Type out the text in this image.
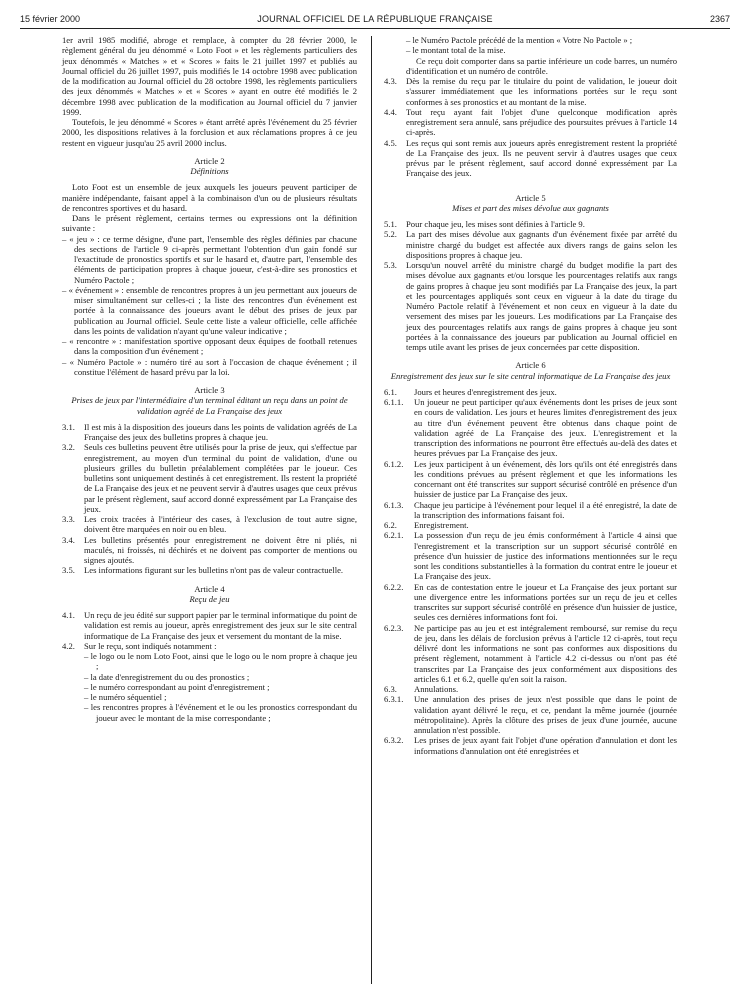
15 février 2000	JOURNAL OFFICIEL DE LA RÉPUBLIQUE FRANÇAISE	2367

1er avril 1985 modifié, abroge et remplace, à compter du 28 février 2000, le règlement général du jeu dénommé « Loto Foot » et les règlements particuliers des jeux dénommés « Matches » et « Scores » faits le 21 juillet 1997 et publiés au Journal officiel du 26 juillet 1997, puis modifiés le 14 octobre 1998 avec publication de la modification au Journal officiel du 28 octobre 1998, les règlements particuliers des jeux dénommés « Matches » et « Scores » ayant en outre été modifiés le 2 décembre 1998 avec publication de la modification au Journal officiel du 7 janvier 1999.

Toutefois, le jeu dénommé « Scores » étant arrêté après l'événement du 25 février 2000, les dispositions relatives à la forclusion et aux réclamations propres à ce jeu restent en vigueur jusqu'au 25 avril 2000 inclus.

Article 2

Définitions

Loto Foot est un ensemble de jeux auxquels les joueurs peuvent participer de manière indépendante, faisant appel à la combinaison d'un ou de plusieurs résultats de rencontres sportives et du hasard.

Dans le présent règlement, certains termes ou expressions ont la définition suivante :

– « jeu » : ce terme désigne, d'une part, l'ensemble des règles définies par chacune des sections de l'article 9 ci-après permettant l'obtention d'un gain fondé sur l'exactitude de pronostics sportifs et sur le hasard et, d'autre part, l'ensemble des éléments de participation propres à chaque joueur, c'est-à-dire ses pronostics et Numéro Pactole ;

– « événement » : ensemble de rencontres propres à un jeu permettant aux joueurs de miser simultanément sur celles-ci ; la liste des rencontres d'un événement est portée à la connaissance des joueurs avant le début des prises de jeux par publication au Journal officiel. Seule cette liste a valeur officielle, celle affichée dans les points de validation n'ayant qu'une valeur indicative ;

– « rencontre » : manifestation sportive opposant deux équipes de football retenues dans la composition d'un événement ;

– « Numéro Pactole » : numéro tiré au sort à l'occasion de chaque événement ; il constitue l'élément de hasard prévu par la loi.

Article 3

Prises de jeux par l'intermédiaire d'un terminal éditant un reçu dans un point de validation agréé de La Française des jeux

3.1.	Il est mis à la disposition des joueurs dans les points de validation agréés de La Française des jeux des bulletins propres à chaque jeu.
3.2.	Seuls ces bulletins peuvent être utilisés pour la prise de jeux, qui s'effectue par enregistrement, au moyen d'un terminal du point de validation, d'une ou plusieurs grilles du bulletin préalablement complétées par le joueur. Ces bulletins sont uniquement destinés à cet enregistrement. Ils restent la propriété de La Française des jeux et ne peuvent servir à d'autres usages que ceux prévus par le présent règlement, sauf accord donné expressément par La Française des jeux.
3.3.	Les croix tracées à l'intérieur des cases, à l'exclusion de tout autre signe, doivent être marquées en noir ou en bleu.
3.4.	Les bulletins présentés pour enregistrement ne doivent être ni pliés, ni maculés, ni froissés, ni déchirés et ne doivent pas comporter de mentions ou signes ajoutés.
3.5.	Les informations figurant sur les bulletins n'ont pas de valeur contractuelle.

Article 4

Reçu de jeu

4.1.	Un reçu de jeu édité sur support papier par le terminal informatique du point de validation est remis au joueur, après enregistrement des jeux sur le site central informatique de La Française des jeux et versement du montant de la mise.
4.2.	Sur le reçu, sont indiqués notamment :

– le logo ou le nom Loto Foot, ainsi que le logo ou le nom propre à chaque jeu ;

– la date d'enregistrement du ou des pronostics ;

– le numéro correspondant au point d'enregistrement ;

– le numéro séquentiel ;

– les rencontres propres à l'événement et le ou les pronostics correspondant du joueur avec le montant de la mise correspondante ;

– le Numéro Pactole précédé de la mention « Votre No Pactole » ;

– le montant total de la mise.

Ce reçu doit comporter dans sa partie inférieure un code barres, un numéro d'identification et un numéro de contrôle.

4.3.	Dès la remise du reçu par le titulaire du point de validation, le joueur doit s'assurer immédiatement que les informations portées sur le reçu sont conformes à ses pronostics et au montant de la mise.
4.4.	Tout reçu ayant fait l'objet d'une quelconque modification après enregistrement sera annulé, sans préjudice des poursuites prévues à l'article 14 ci-après.
4.5.	Les reçus qui sont remis aux joueurs après enregistrement restent la propriété de La Française des jeux. Ils ne peuvent servir à d'autres usages que ceux prévus par le présent règlement, sauf accord donné expressément par La Française des jeux.

Article 5

Mises et part des mises dévolue aux gagnants

5.1.	Pour chaque jeu, les mises sont définies à l'article 9.
5.2.	La part des mises dévolue aux gagnants d'un événement fixée par arrêté du ministre chargé du budget est affectée aux divers rangs de gains selon les dispositions propres à chaque jeu.
5.3.	Lorsqu'un nouvel arrêté du ministre chargé du budget modifie la part des mises dévolue aux gagnants et/ou lorsque les pourcentages relatifs aux rangs de gains propres à chaque jeu sont modifiés par La Française des jeux, la part et les pourcentages appliqués sont ceux en vigueur à la date du tirage du Numéro Pactole relatif à l'événement et non ceux en vigueur à la date du versement des mises par les joueurs. Les modifications par La Française des jeux des pourcentages relatifs aux rangs de gains propres à chaque jeu sont portées à la connaissance des joueurs par publication au Journal officiel en temps utile avant les prises de jeux concernées par cette disposition.

Article 6

Enregistrement des jeux sur le site central informatique de La Française des jeux

6.1.	Jours et heures d'enregistrement des jeux.
6.1.1.	Un joueur ne peut participer qu'aux événements dont les prises de jeux sont en cours de validation. Les jours et heures limites d'enregistrement des jeux au titre d'un événement peuvent être obtenus dans chaque point de validation agréé de La Française des jeux. L'enregistrement et la transcription des informations ne pourront être effectués au-delà des dates et heures prévues par La Française des jeux.
6.1.2.	Les jeux participent à un événement, dès lors qu'ils ont été enregistrés dans les conditions prévues au présent règlement et que les informations les concernant ont été transcrites sur support sécurisé contrôlé en présence d'un huissier de justice par La Française des jeux.
6.1.3.	Chaque jeu participe à l'événement pour lequel il a été enregistré, la date de la transcription des informations faisant foi.
6.2.	Enregistrement.
6.2.1.	La possession d'un reçu de jeu émis conformément à l'article 4 ainsi que l'enregistrement et la transcription sur un support sécurisé contrôlé en présence d'un huissier de justice des informations mentionnées sur le reçu sont les conditions substantielles à la formation du contrat entre le joueur et La Française des jeux.
6.2.2.	En cas de contestation entre le joueur et La Française des jeux portant sur une divergence entre les informations portées sur un reçu de jeu et celles transcrites sur support sécurisé contrôlé en présence d'un huissier de justice, seules ces dernières informations font foi.
6.2.3.	Ne participe pas au jeu et est intégralement remboursé, sur remise du reçu de jeu, dans les délais de forclusion prévus à l'article 12 ci-après, tout reçu délivré dont les informations ne sont pas conformes aux dispositions du présent règlement, notamment à l'article 4.2 ci-dessus ou n'ont pas été transcrites par La Française des jeux conformément aux dispositions des articles 6.1 et 6.2, quelle qu'en soit la raison.
6.3.	Annulations.
6.3.1.	Une annulation des prises de jeux n'est possible que dans le point de validation ayant délivré le reçu, et ce, pendant la même journée (journée métropolitaine). Après la clôture des prises de jeux d'une journée, aucune annulation n'est possible.
6.3.2.	Les prises de jeux ayant fait l'objet d'une opération d'annulation et dont les informations d'annulation ont été enregistrées et
